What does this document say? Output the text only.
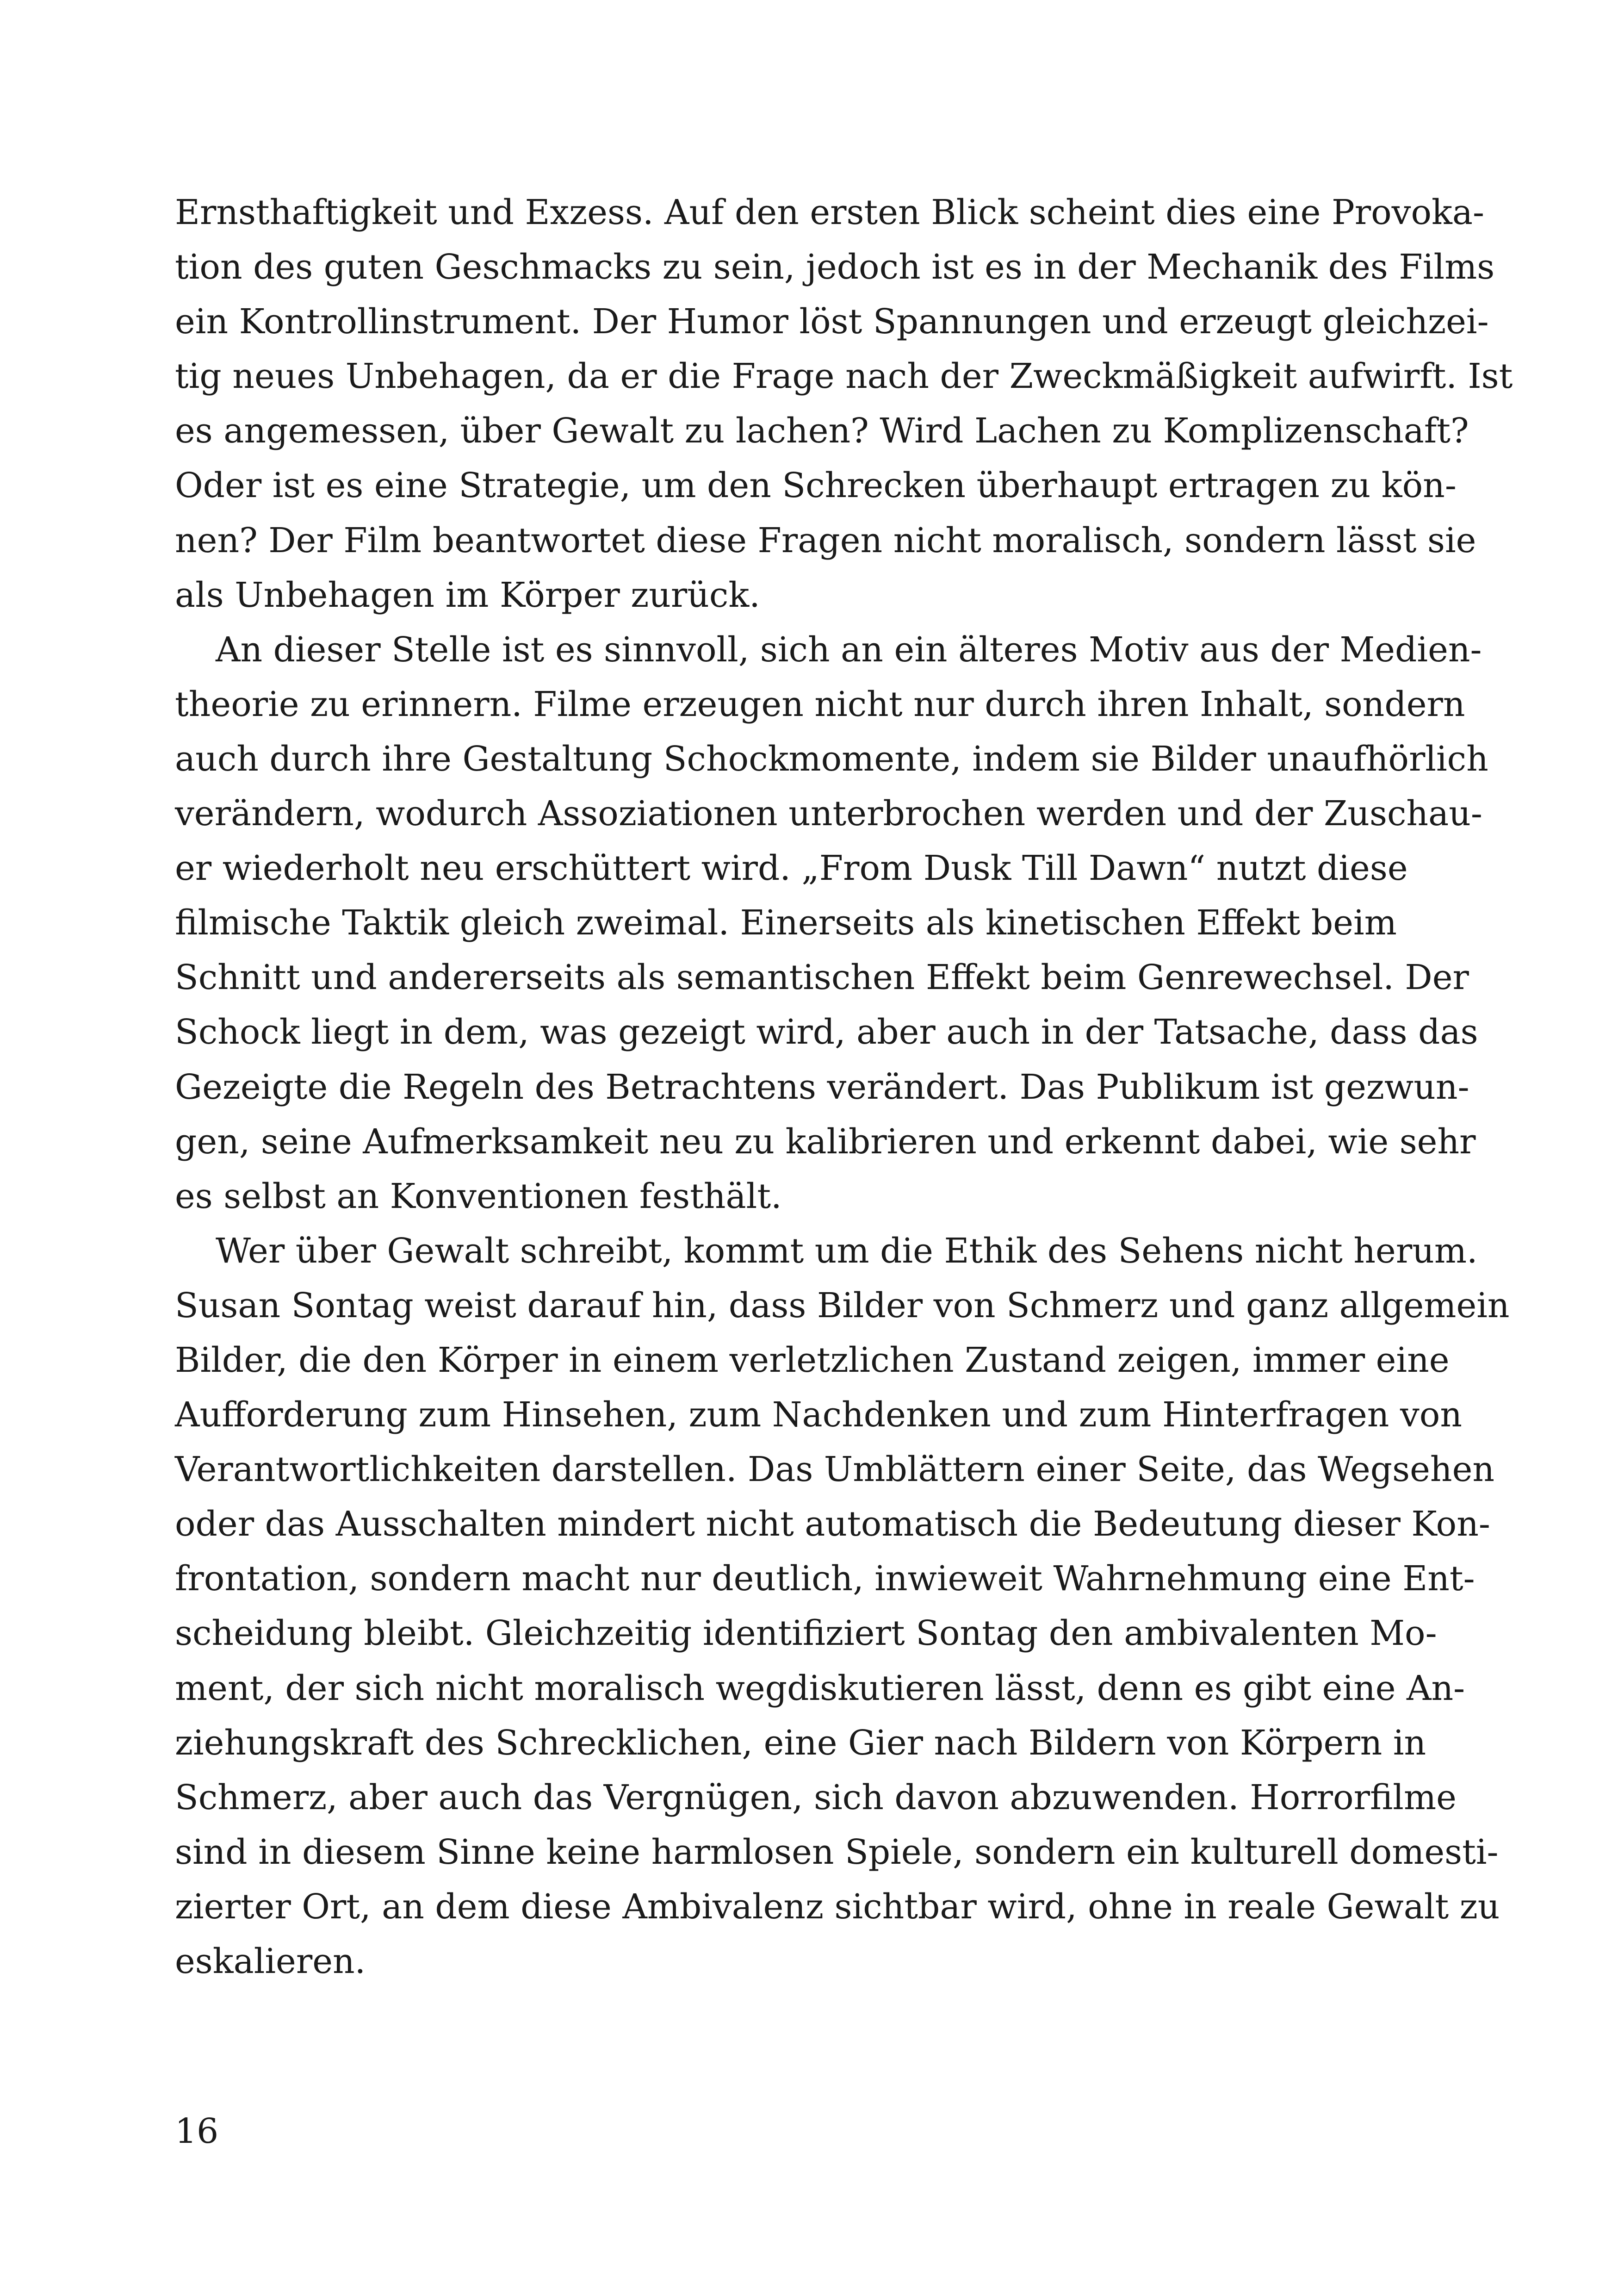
Ernsthaftigkeit und Exzess. Auf den ersten Blick scheint dies eine Provoka-
tion des guten Geschmacks zu sein, jedoch ist es in der Mechanik des Films
ein Kontrollinstrument. Der Humor löst Spannungen und erzeugt gleichzei-
tig neues Unbehagen, da er die Frage nach der Zweckmäßigkeit aufwirft. Ist
es angemessen, über Gewalt zu lachen? Wird Lachen zu Komplizenschaft?
Oder ist es eine Strategie, um den Schrecken überhaupt ertragen zu kön-
nen? Der Film beantwortet diese Fragen nicht moralisch, sondern lässt sie
als Unbehagen im Körper zurück.

An dieser Stelle ist es sinnvoll, sich an ein älteres Motiv aus der Medien-
theorie zu erinnern. Filme erzeugen nicht nur durch ihren Inhalt, sondern
auch durch ihre Gestaltung Schockmomente, indem sie Bilder unaufhörlich
verändern, wodurch Assoziationen unterbrochen werden und der Zuschau-
er wiederholt neu erschüttert wird. „From Dusk Till Dawn“ nutzt diese
filmische Taktik gleich zweimal. Einerseits als kinetischen Effekt beim
Schnitt und andererseits als semantischen Effekt beim Genrewechsel. Der
Schock liegt in dem, was gezeigt wird, aber auch in der Tatsache, dass das
Gezeigte die Regeln des Betrachtens verändert. Das Publikum ist gezwun-
gen, seine Aufmerksamkeit neu zu kalibrieren und erkennt dabei, wie sehr
es selbst an Konventionen festhält.

Wer über Gewalt schreibt, kommt um die Ethik des Sehens nicht herum.
Susan Sontag weist darauf hin, dass Bilder von Schmerz und ganz allgemein
Bilder, die den Körper in einem verletzlichen Zustand zeigen, immer eine
Aufforderung zum Hinsehen, zum Nachdenken und zum Hinterfragen von
Verantwortlichkeiten darstellen. Das Umblättern einer Seite, das Wegsehen
oder das Ausschalten mindert nicht automatisch die Bedeutung dieser Kon-
frontation, sondern macht nur deutlich, inwieweit Wahrnehmung eine Ent-
scheidung bleibt. Gleichzeitig identifiziert Sontag den ambivalenten Mo-
ment, der sich nicht moralisch wegdiskutieren lässt, denn es gibt eine An-
ziehungskraft des Schrecklichen, eine Gier nach Bildern von Körpern in
Schmerz, aber auch das Vergnügen, sich davon abzuwenden. Horrorfilme
sind in diesem Sinne keine harmlosen Spiele, sondern ein kulturell domesti-
zierter Ort, an dem diese Ambivalenz sichtbar wird, ohne in reale Gewalt zu
eskalieren.

16
